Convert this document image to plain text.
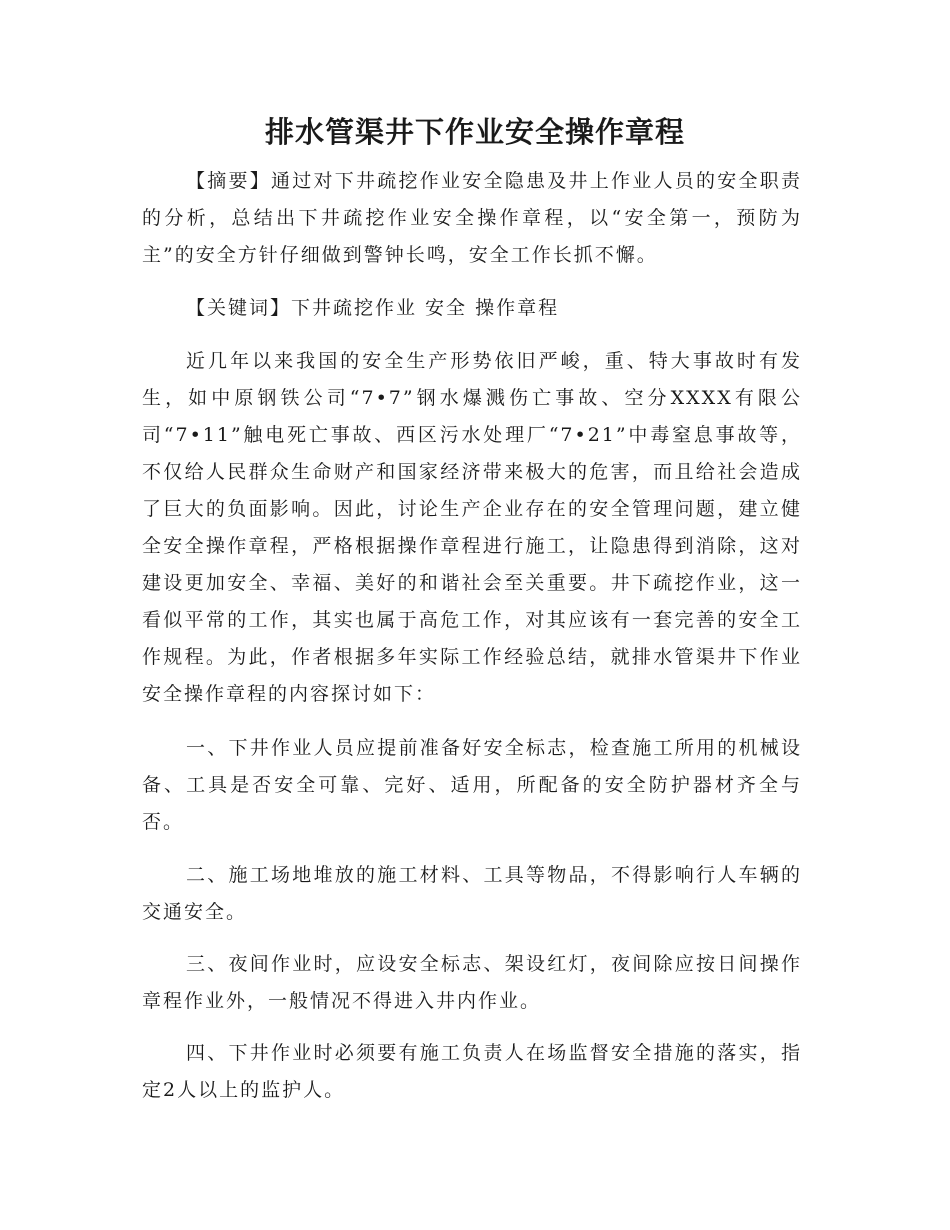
排水管渠井下作业安全操作章程

【摘要】通过对下井疏挖作业安全隐患及井上作业人员的安全职责的分析，总结出下井疏挖作业安全操作章程，以“安全第一，预防为主”的安全方针仔细做到警钟长鸣，安全工作长抓不懈。

【关键词】下井疏挖作业 安全 操作章程

近几年以来我国的安全生产形势依旧严峻，重、特大事故时有发生，如中原钢铁公司“7•7”钢水爆溅伤亡事故、空分XXXX有限公司“7•11”触电死亡事故、西区污水处理厂“7•21”中毒窒息事故等，不仅给人民群众生命财产和国家经济带来极大的危害，而且给社会造成了巨大的负面影响。因此，讨论生产企业存在的安全管理问题，建立健全安全操作章程，严格根据操作章程进行施工，让隐患得到消除，这对建设更加安全、幸福、美好的和谐社会至关重要。井下疏挖作业，这一看似平常的工作，其实也属于高危工作，对其应该有一套完善的安全工作规程。为此，作者根据多年实际工作经验总结，就排水管渠井下作业安全操作章程的内容探讨如下：

一、下井作业人员应提前准备好安全标志，检查施工所用的机械设备、工具是否安全可靠、完好、适用，所配备的安全防护器材齐全与否。

二、施工场地堆放的施工材料、工具等物品，不得影响行人车辆的交通安全。

三、夜间作业时，应设安全标志、架设红灯，夜间除应按日间操作章程作业外，一般情况不得进入井内作业。

四、下井作业时必须要有施工负责人在场监督安全措施的落实，指定2人以上的监护人。
